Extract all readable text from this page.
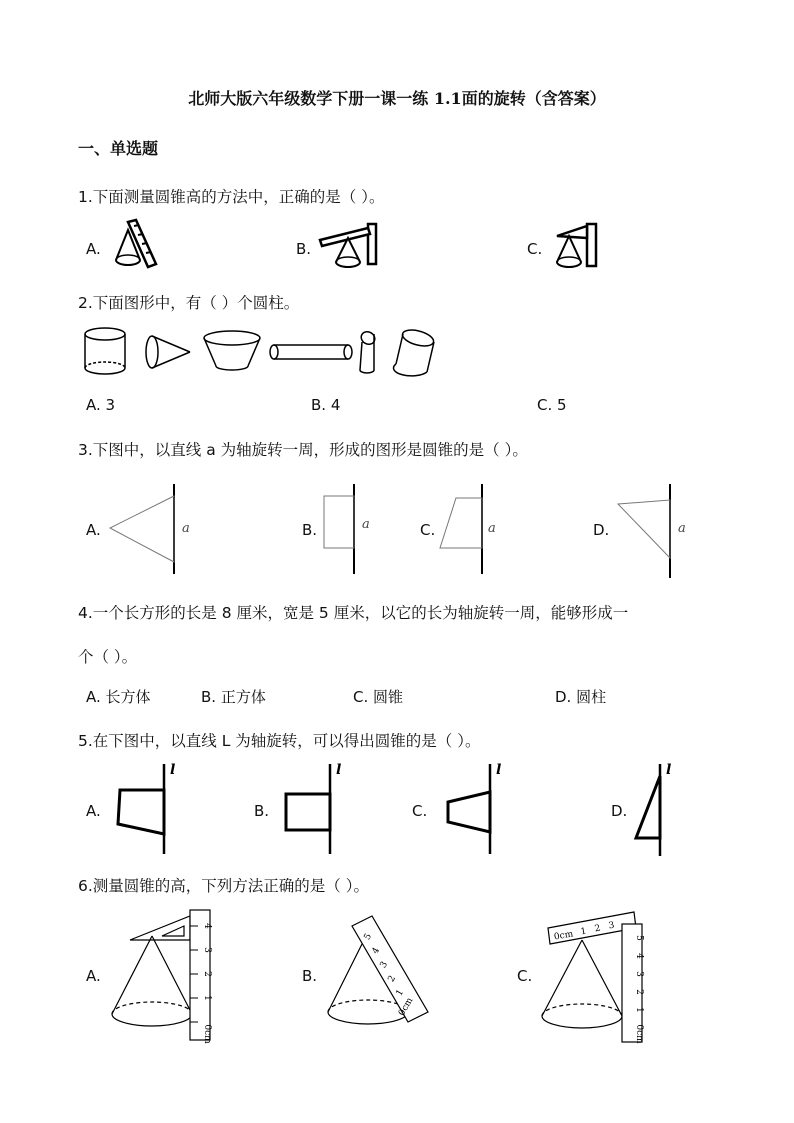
北师大版六年级数学下册一课一练 1.1面的旋转（含答案）
一、单选题
1.下面测量圆锥高的方法中，正确的是（ ）。
A.	B.	C.
2.下面图形中，有（ ）个圆柱。
A. 3	B. 4	C. 5
3.下图中，以直线 a 为轴旋转一周，形成的图形是圆锥的是（ ）。
A.	a	B.	a	C.	a	D.	a
4.一个长方形的长是 8 厘米，宽是 5 厘米，以它的长为轴旋转一周，能够形成一
个（ ）。
A. 长方体	B. 正方体	C. 圆锥	D. 圆柱
5.在下图中，以直线 L 为轴旋转，可以得出圆锥的是（ ）。
A.
l
B.
l
C.
l
D.
l
6.测量圆锥的高，下列方法正确的是（ ）。
A.
0cm
1
2
3
4
B.
0cm
1
2
3
4
5
C.
0cm 1 2 3
0cm
1
2
3
4
5
